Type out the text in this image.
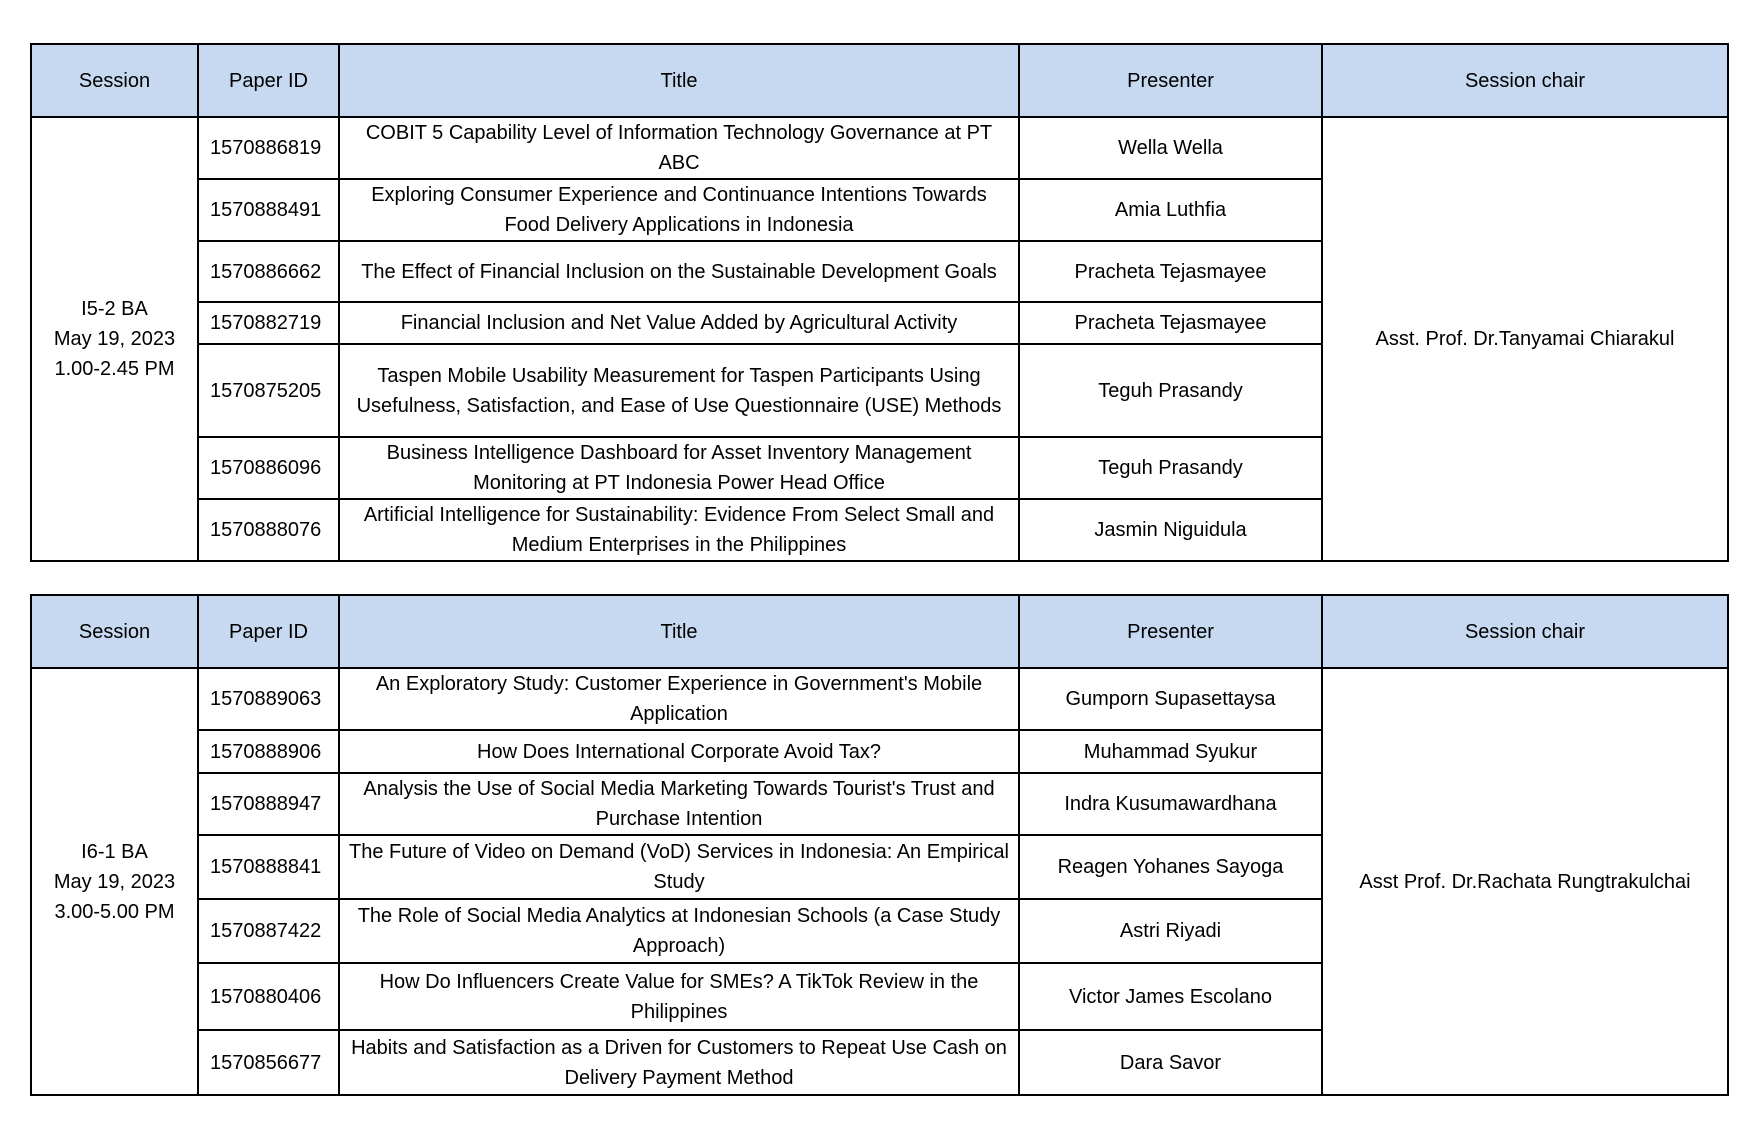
Session	Paper ID	Title	Presenter	Session chair

I5-2 BA
May 19, 2023
1.00-2.45 PM	1570886819	COBIT 5 Capability Level of Information Technology Governance at PT ABC	Wella Wella	Asst. Prof. Dr.Tanyamai Chiarakul
	1570888491	Exploring Consumer Experience and Continuance Intentions Towards Food Delivery Applications in Indonesia	Amia Luthfia	
	1570886662	The Effect of Financial Inclusion on the Sustainable Development Goals	Pracheta Tejasmayee	
	1570882719	Financial Inclusion and Net Value Added by Agricultural Activity	Pracheta Tejasmayee	
	1570875205	Taspen Mobile Usability Measurement for Taspen Participants Using Usefulness, Satisfaction, and Ease of Use Questionnaire (USE) Methods	Teguh Prasandy	
	1570886096	Business Intelligence Dashboard for Asset Inventory Management Monitoring at PT Indonesia Power Head Office	Teguh Prasandy	
	1570888076	Artificial Intelligence for Sustainability: Evidence From Select Small and Medium Enterprises in the Philippines	Jasmin Niguidula	
Session	Paper ID	Title	Presenter	Session chair

I6-1 BA
May 19, 2023
3.00-5.00 PM	1570889063	An Exploratory Study: Customer Experience in Government's Mobile Application	Gumporn Supasettaysa	Asst Prof. Dr.Rachata Rungtrakulchai
	1570888906	How Does International Corporate Avoid Tax?	Muhammad Syukur	
	1570888947	Analysis the Use of Social Media Marketing Towards Tourist's Trust and Purchase Intention	Indra Kusumawardhana	
	1570888841	The Future of Video on Demand (VoD) Services in Indonesia: An Empirical Study	Reagen Yohanes Sayoga	
	1570887422	The Role of Social Media Analytics at Indonesian Schools (a Case Study Approach)	Astri Riyadi	
	1570880406	How Do Influencers Create Value for SMEs? A TikTok Review in the Philippines	Victor James Escolano	
	1570856677	Habits and Satisfaction as a Driven for Customers to Repeat Use Cash on Delivery Payment Method	Dara Savor	
